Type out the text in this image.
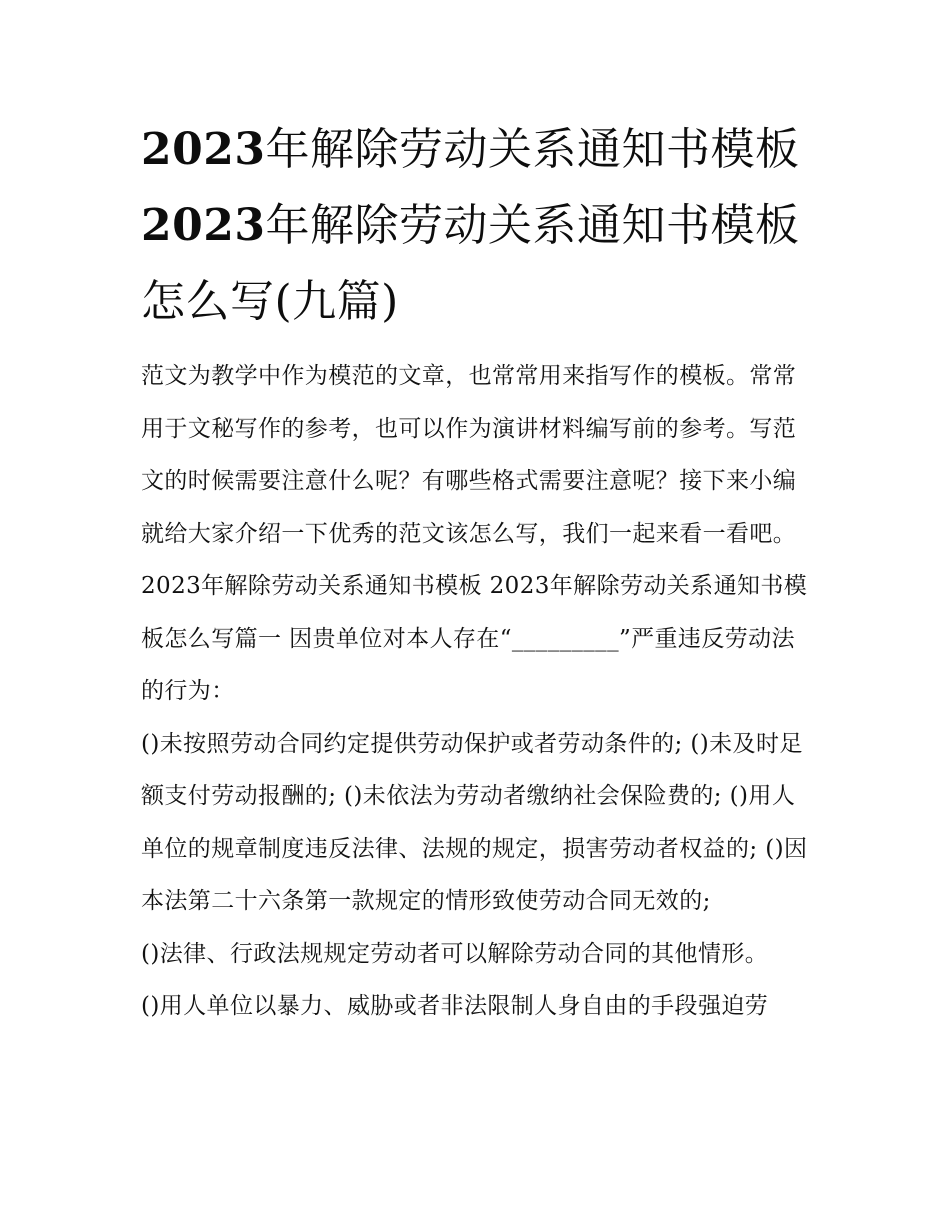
2023年解除劳动关系通知书模板 2023年解除劳动关系通知书模板怎么写(九篇)

范文为教学中作为模范的文章，也常常用来指写作的模板。常常用于文秘写作的参考，也可以作为演讲材料编写前的参考。写范文的时候需要注意什么呢？有哪些格式需要注意呢？接下来小编就给大家介绍一下优秀的范文该怎么写，我们一起来看一看吧。

2023年解除劳动关系通知书模板 2023年解除劳动关系通知书模板怎么写篇一 因贵单位对本人存在“_________”严重违反劳动法的行为：

()未按照劳动合同约定提供劳动保护或者劳动条件的; ()未及时足额支付劳动报酬的; ()未依法为劳动者缴纳社会保险费的; ()用人单位的规章制度违反法律、法规的规定，损害劳动者权益的; ()因本法第二十六条第一款规定的情形致使劳动合同无效的;

()法律、行政法规规定劳动者可以解除劳动合同的其他情形。

()用人单位以暴力、威胁或者非法限制人身自由的手段强迫劳
